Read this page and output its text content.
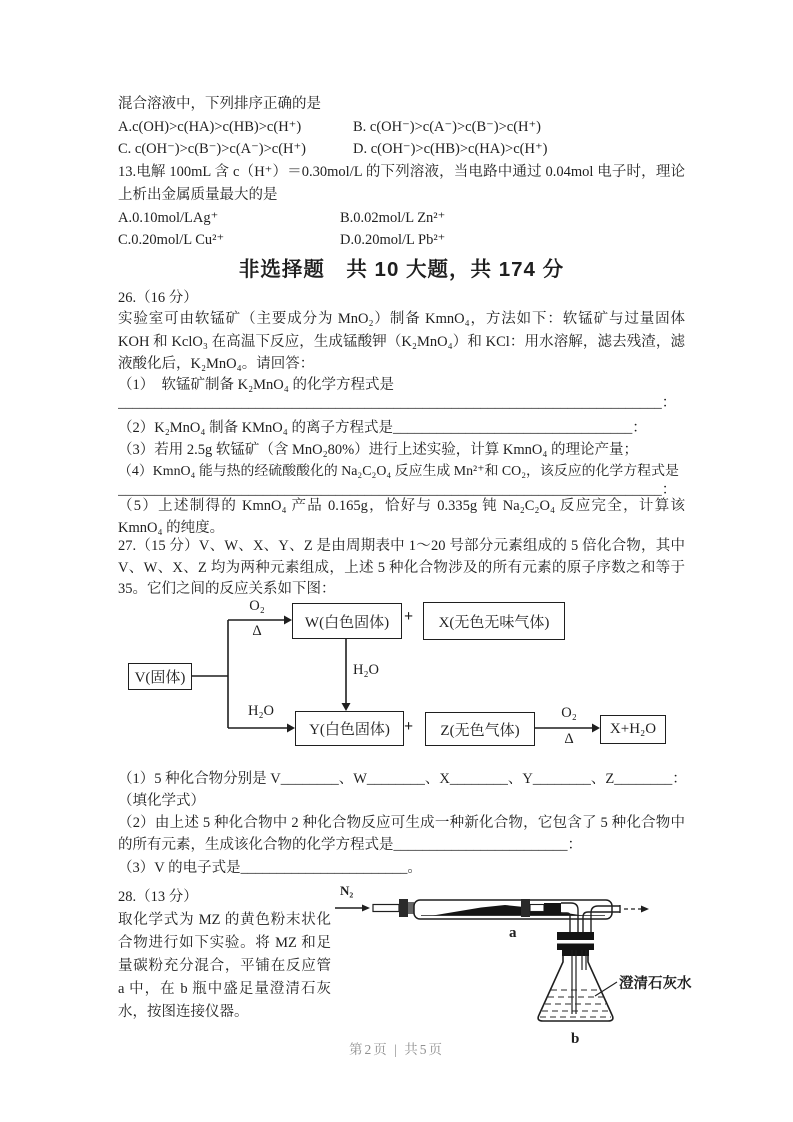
混合溶液中，下列排序正确的是
A.c(OH)>c(HA)>c(HB)>c(H⁺)	B. c(OH⁻)>c(A⁻)>c(B⁻)>c(H⁺)
C. c(OH⁻)>c(B⁻)>c(A⁻)>c(H⁺)	D. c(OH⁻)>c(HB)>c(HA)>c(H⁺)
13.电解 100mL 含 c（H⁺）＝0.30mol/L 的下列溶液，当电路中通过 0.04mol 电子时，理论上析出金属质量最大的是
A.0.10mol/LAg⁺	B.0.02mol/L Zn²⁺
C.0.20mol/L Cu²⁺	D.0.20mol/L Pb²⁺
非选择题　共 10 大题，共 174 分
26.（16 分）
实验室可由软锰矿（主要成分为 MnO₂）制备 KmnO₄，方法如下：软锰矿与过量固体 KOH 和 KclO₃ 在高温下反应，生成锰酸钾（K₂MnO₄）和 KCl：用水溶解，滤去残渣，滤液酸化后，K₂MnO₄。请回答：
（1）　软锰矿制备 K₂MnO₄ 的化学方程式是
___________________________________________________________________________：
（2）K₂MnO₄ 制备 KMnO₄ 的离子方程式是_________________________________：
（3）若用 2.5g 软锰矿（含 MnO₂80%）进行上述实验，计算 KmnO₄ 的理论产量；
（4）KmnO₄ 能与热的经硫酸酸化的 Na₂C₂O₄ 反应生成 Mn²⁺和 CO₂，该反应的化学方程式是
___________________________________________________________________________：
（5）上述制得的 KmnO₄ 产品 0.165g，恰好与 0.335g 钝 Na₂C₂O₄ 反应完全，计算该 KmnO₄ 的纯度。
27.（15 分）V、W、X、Y、Z 是由周期表中 1～20 号部分元素组成的 5 倍化合物，其中 V、W、X、Z 均为两种元素组成，上述 5 种化合物涉及的所有元素的原子序数之和等于 35。它们之间的反应关系如下图：
V(固体)
W(白色固体)	X(无色无味气体)
Y(白色固体)	Z(无色气体)	X+H₂O
O₂
Δ
H₂O
H₂O	O₂
Δ
+
+
（1）5 种化合物分别是 V________、W________、X________、Y________、Z________：
（填化学式）
（2）由上述 5 种化合物中 2 种化合物反应可生成一种新化合物，它包含了 5 种化合物中的所有元素，生成该化合物的化学方程式是________________________：
（3）V 的电子式是_______________________。
28.（13 分）
取化学式为 MZ 的黄色粉末状化合物进行如下实验。将 MZ 和足量碳粉充分混合，平铺在反应管 a 中，在 b 瓶中盛足量澄清石灰水，按图连接仪器。
N₂
a
澄清石灰水
b
第2页 | 共5页
